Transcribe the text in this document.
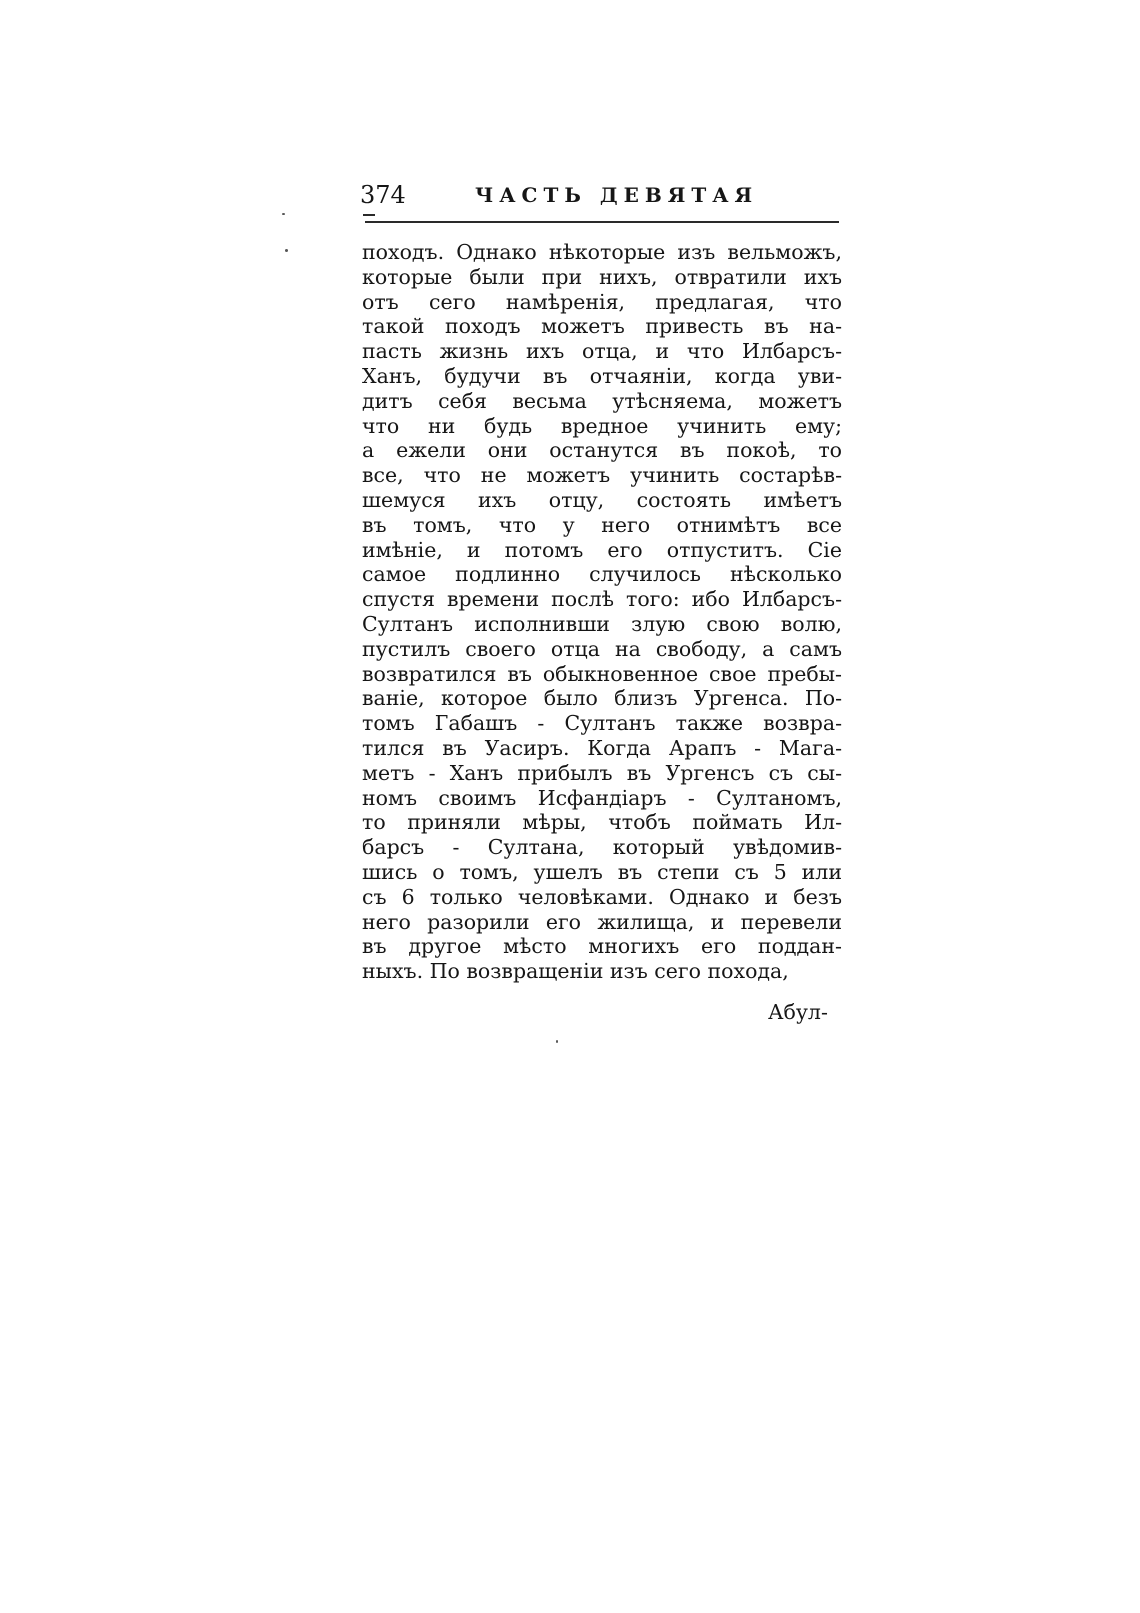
374	ЧАСТЬ ДЕВЯТАЯ
походъ. Однако нѣкоторые изъ вельможъ,
которые были при нихъ, отвратили ихъ
отъ сего намѣренія, предлагая, что
такой походъ можетъ привесть въ на-
пасть жизнь ихъ отца, и что Илбарсъ-
Ханъ, будучи въ отчаяніи, когда уви-
дитъ себя весьма утѣсняема, можетъ
что ни будь вредное учинить ему;
а ежели они останутся въ покоѣ, то
все, что не можетъ учинить состарѣв-
шемуся ихъ отцу, состоять имѣетъ
въ томъ, что у него отнимѣтъ все
имѣніе, и потомъ его отпуститъ. Сіе
самое подлинно случилось нѣсколько
спустя времени послѣ того: ибо Илбарсъ-
Султанъ исполнивши злую свою волю,
пустилъ своего отца на свободу, а самъ
возвратился въ обыкновенное свое пребы-
ваніе, которое было близъ Ургенса. По-
томъ Габашъ - Султанъ также возвра-
тился въ Уасиръ. Когда Арапъ - Мага-
метъ - Ханъ прибылъ въ Ургенсъ съ сы-
номъ своимъ Исфандіаръ - Султаномъ,
то приняли мѣры, чтобъ поймать Ил-
барсъ - Султана, который увѣдомив-
шись о томъ, ушелъ въ степи съ 5 или
съ 6 только человѣками. Однако и безъ
него разорили его жилища, и перевели
въ другое мѣсто многихъ его поддан-
ныхъ. По возвращеніи изъ сего похода,
Абул-
